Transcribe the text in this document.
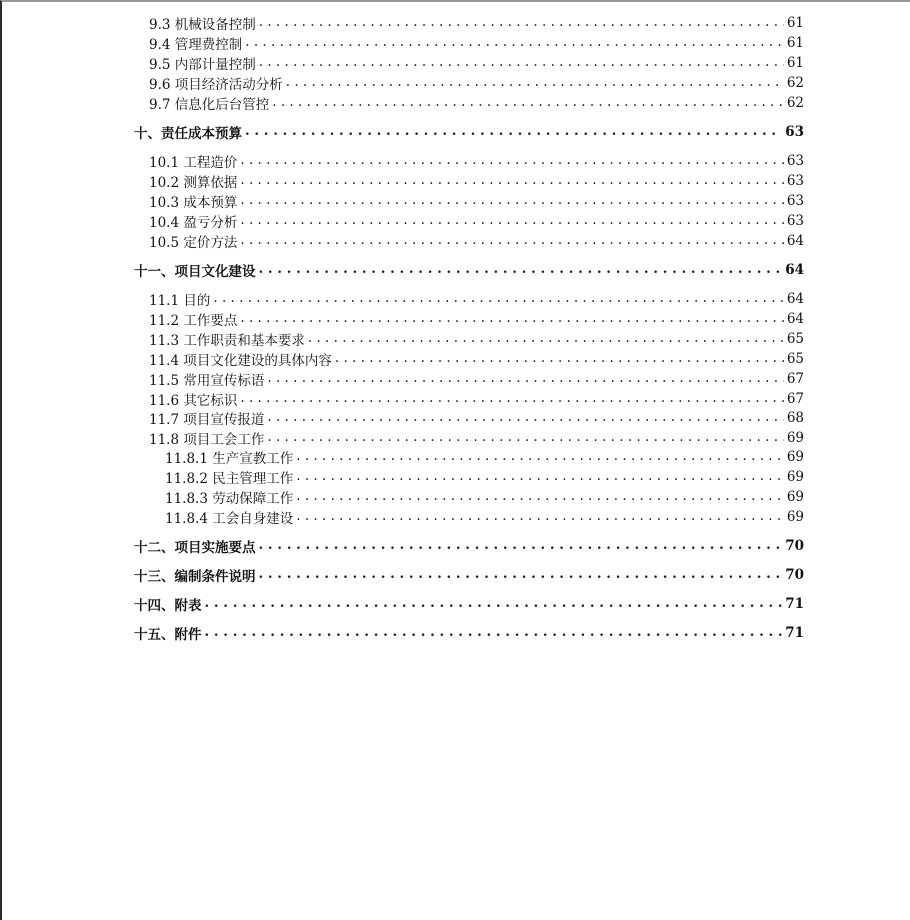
9.3 机械设备控制 . . .	61
9.4 管理费控制 . . .	61
9.5 内部计量控制 . . .	61
9.6 项目经济活动分析 . . .	62
9.7 信息化后台管控 . . .	62
十、责任成本预算 . . .	63
10.1 工程造价 . . .	63
10.2 测算依据 . . .	63
10.3 成本预算 . . .	63
10.4 盈亏分析 . . .	63
10.5 定价方法 . . .	64
十一、项目文化建设 . . .	64
11.1 目的 . . .	64
11.2 工作要点 . . .	64
11.3 工作职责和基本要求 . . .	65
11.4 项目文化建设的具体内容 . . .	65
11.5 常用宣传标语 . . .	67
11.6 其它标识 . . .	67
11.7 项目宣传报道 . . .	68
11.8 项目工会工作 . . .	69
11.8.1 生产宣教工作 . . .	69
11.8.2 民主管理工作 . . .	69
11.8.3 劳动保障工作 . . .	69
11.8.4 工会自身建设 . . .	69
十二、项目实施要点 . . .	70
十三、编制条件说明 . . .	70
十四、附表 . . .	71
十五、附件 . . .	71
